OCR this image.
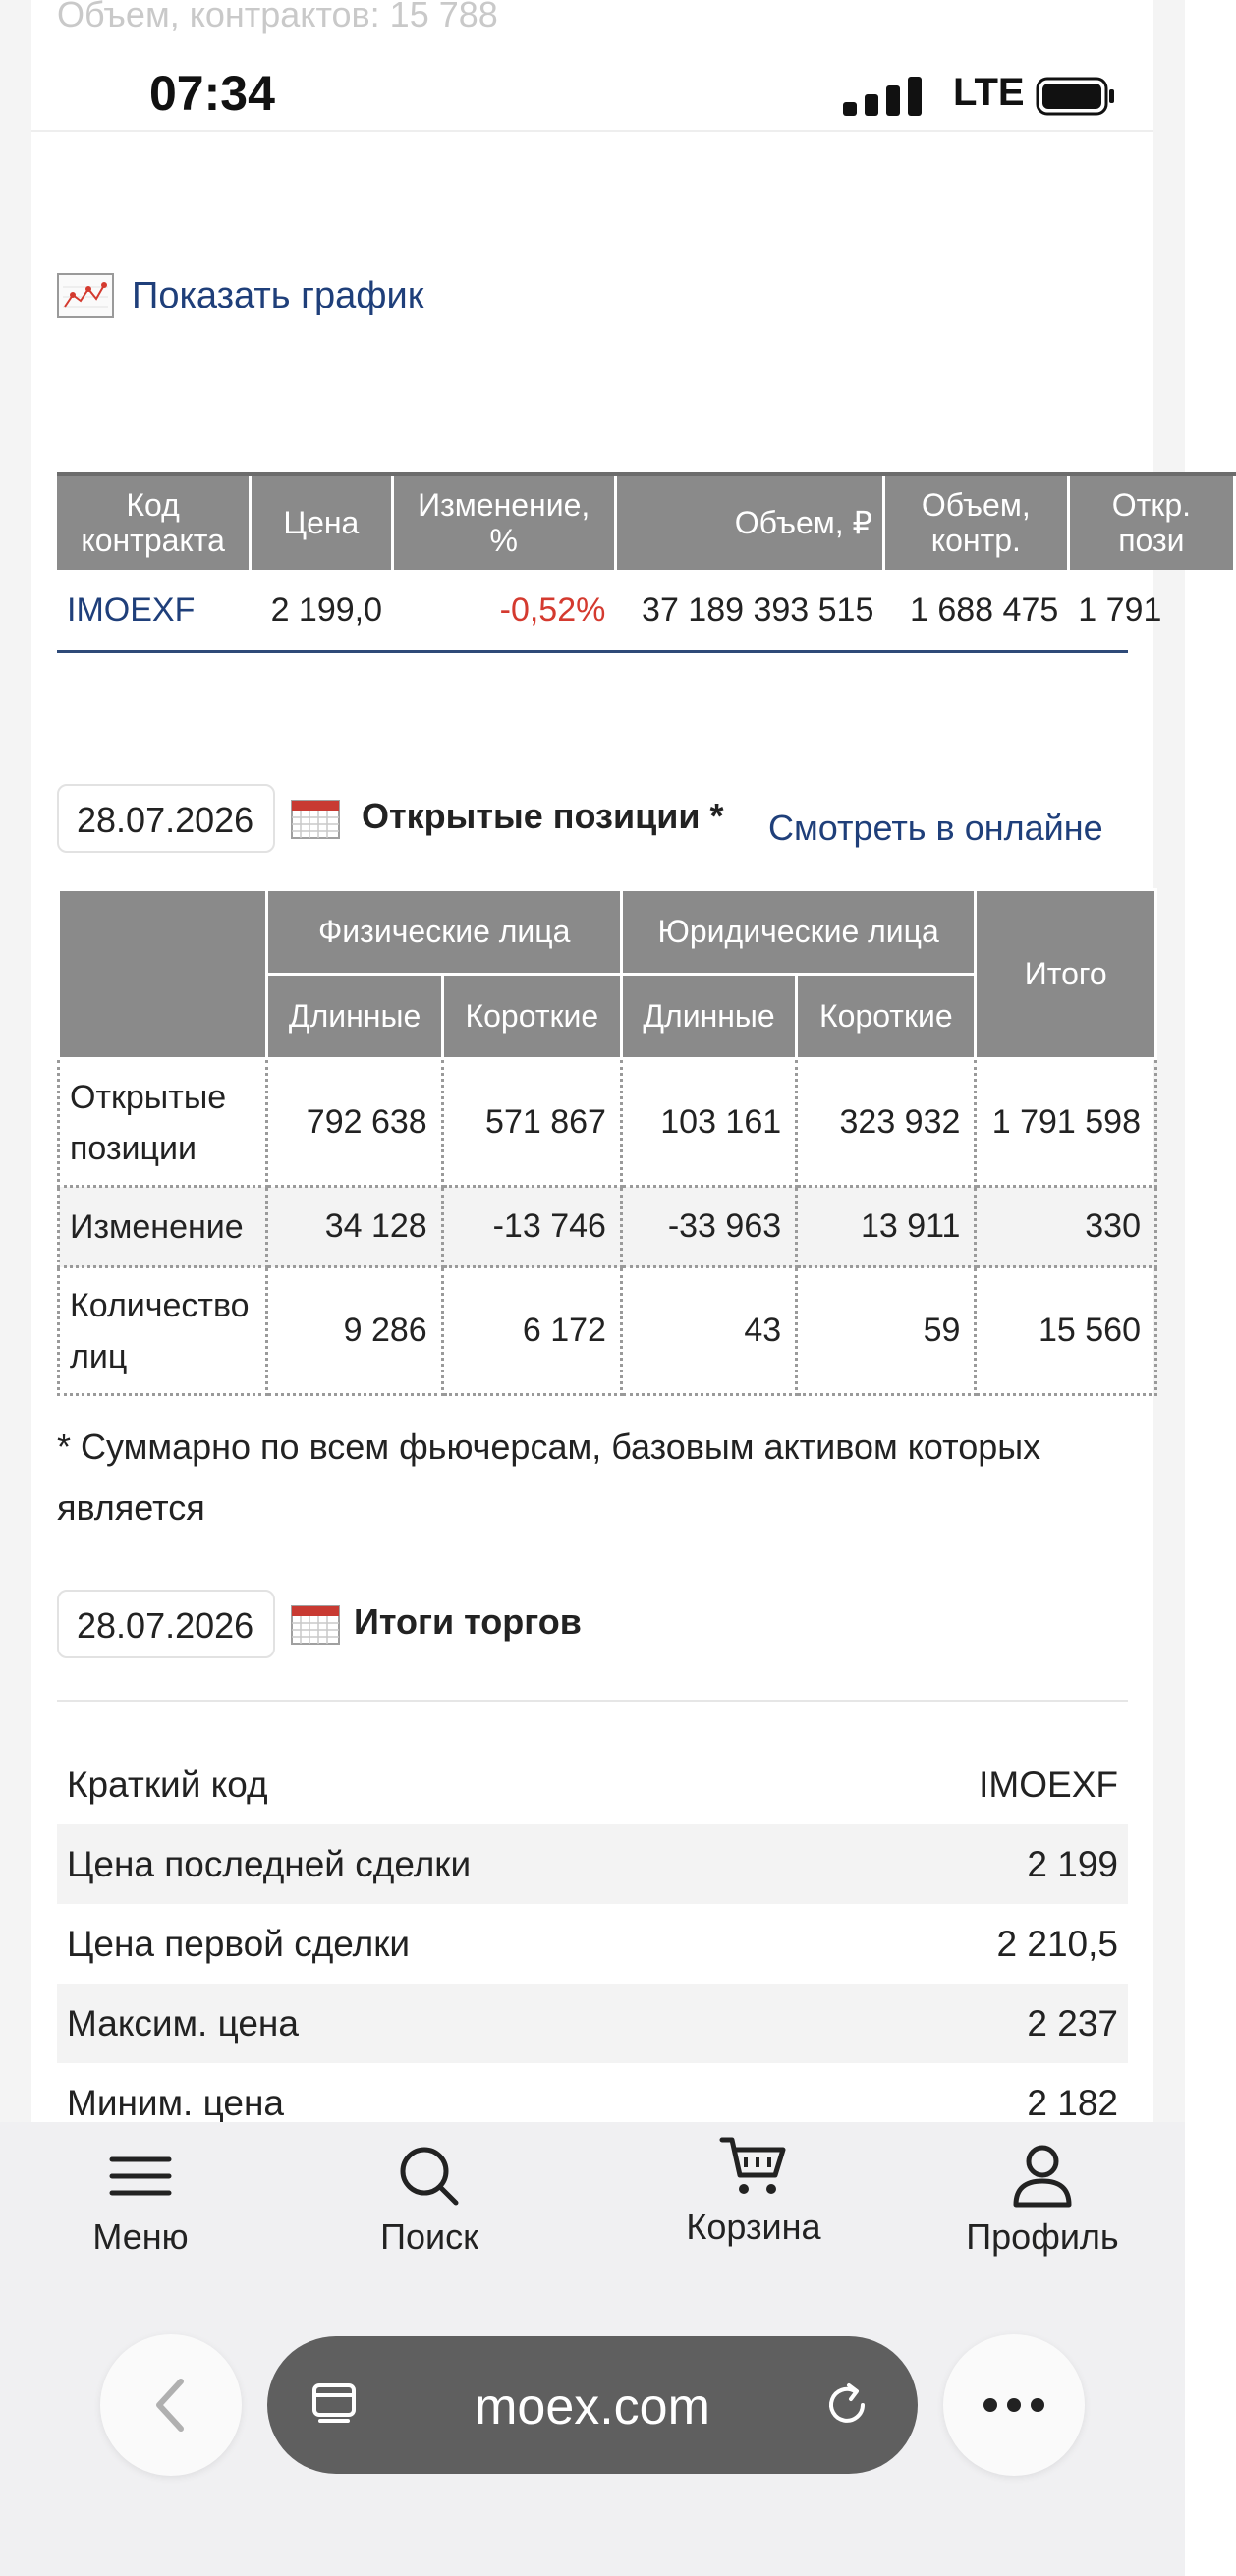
Объем, контрактов: 15 788
07:34	LTE
Показать график
Код контракта	Цена	Изменение, %	Объем, ₽	Объем, контр.	Откр. пози
IMOEXF	2 199,0	-0,52%	37 189 393 515	1 688 475	1 791
28.07.2026	Открытые позиции * Смотреть в онлайне
	Физические лица		Юридические лица		Итого
	Длинные	Короткие	Длинные	Короткие	
Открытые позиции	792 638	571 867	103 161	323 932	1 791 598
Изменение	34 128	-13 746	-33 963	13 911	330
Количество лиц	9 286	6 172	43	59	15 560
* Суммарно по всем фьючерсам, базовым активом которых является
28.07.2026	Итоги торгов
Краткий код	IMOEXF
Цена последней сделки	2 199
Цена первой сделки	2 210,5
Максим. цена	2 237
Миним. цена	2 182
Меню	Поиск	Корзина	Профиль
moex.com
